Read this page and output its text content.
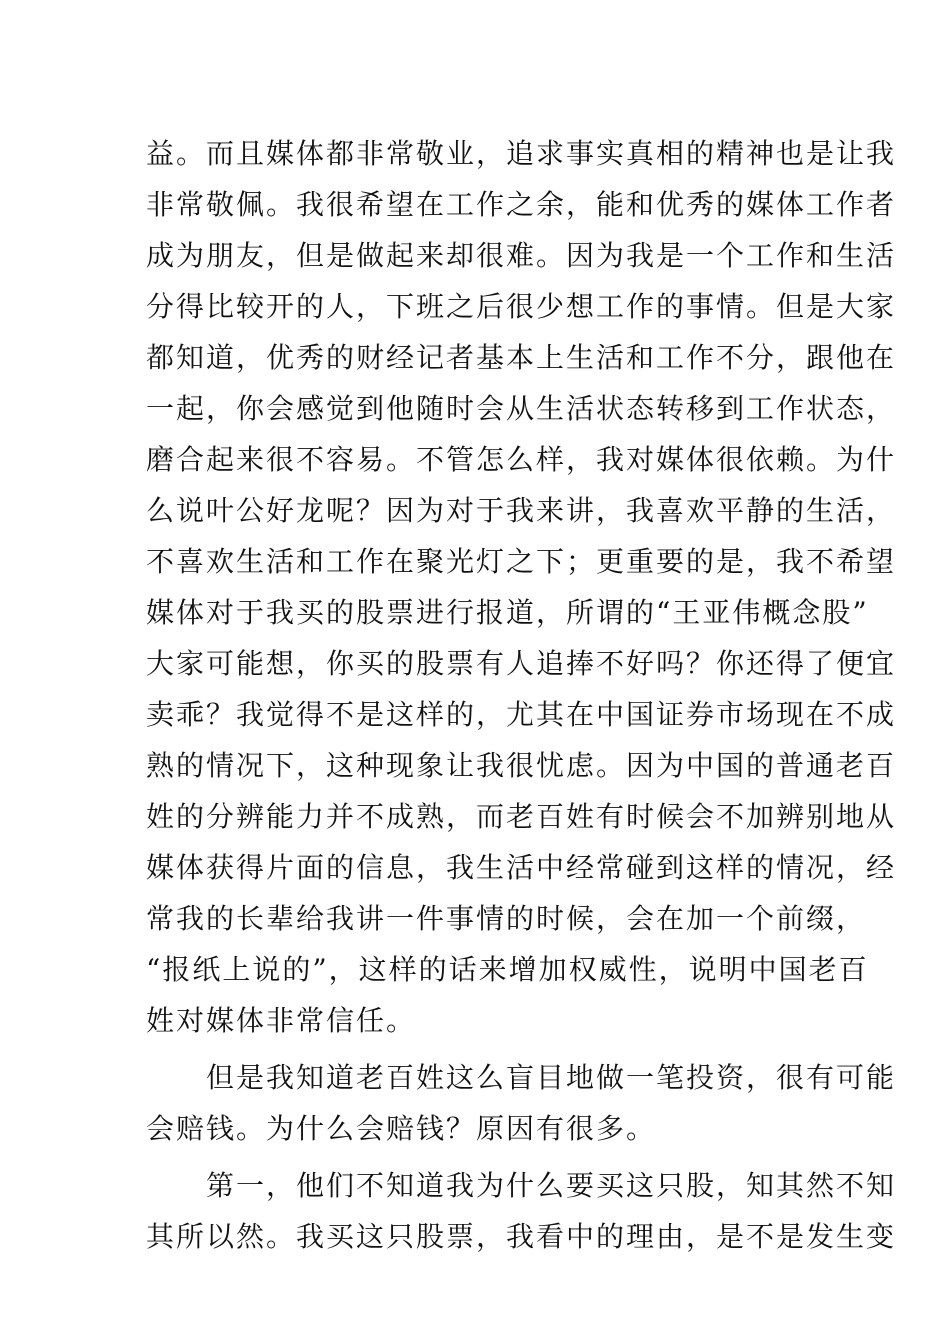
益。而且媒体都非常敬业，追求事实真相的精神也是让我
非常敬佩。我很希望在工作之余，能和优秀的媒体工作者
成为朋友，但是做起来却很难。因为我是一个工作和生活
分得比较开的人，下班之后很少想工作的事情。但是大家
都知道，优秀的财经记者基本上生活和工作不分，跟他在
一起，你会感觉到他随时会从生活状态转移到工作状态，
磨合起来很不容易。不管怎么样，我对媒体很依赖。为什
么说叶公好龙呢？因为对于我来讲，我喜欢平静的生活，
不喜欢生活和工作在聚光灯之下；更重要的是，我不希望
媒体对于我买的股票进行报道，所谓的“王亚伟概念股”
大家可能想，你买的股票有人追捧不好吗？你还得了便宜
卖乖？我觉得不是这样的，尤其在中国证券市场现在不成
熟的情况下，这种现象让我很忧虑。因为中国的普通老百
姓的分辨能力并不成熟，而老百姓有时候会不加辨别地从
媒体获得片面的信息，我生活中经常碰到这样的情况，经
常我的长辈给我讲一件事情的时候，会在加一个前缀，
“报纸上说的”，这样的话来增加权威性，说明中国老百
姓对媒体非常信任。
　　但是我知道老百姓这么盲目地做一笔投资，很有可能
会赔钱。为什么会赔钱？原因有很多。
　　第一，他们不知道我为什么要买这只股，知其然不知
其所以然。我买这只股票，我看中的理由，是不是发生变
